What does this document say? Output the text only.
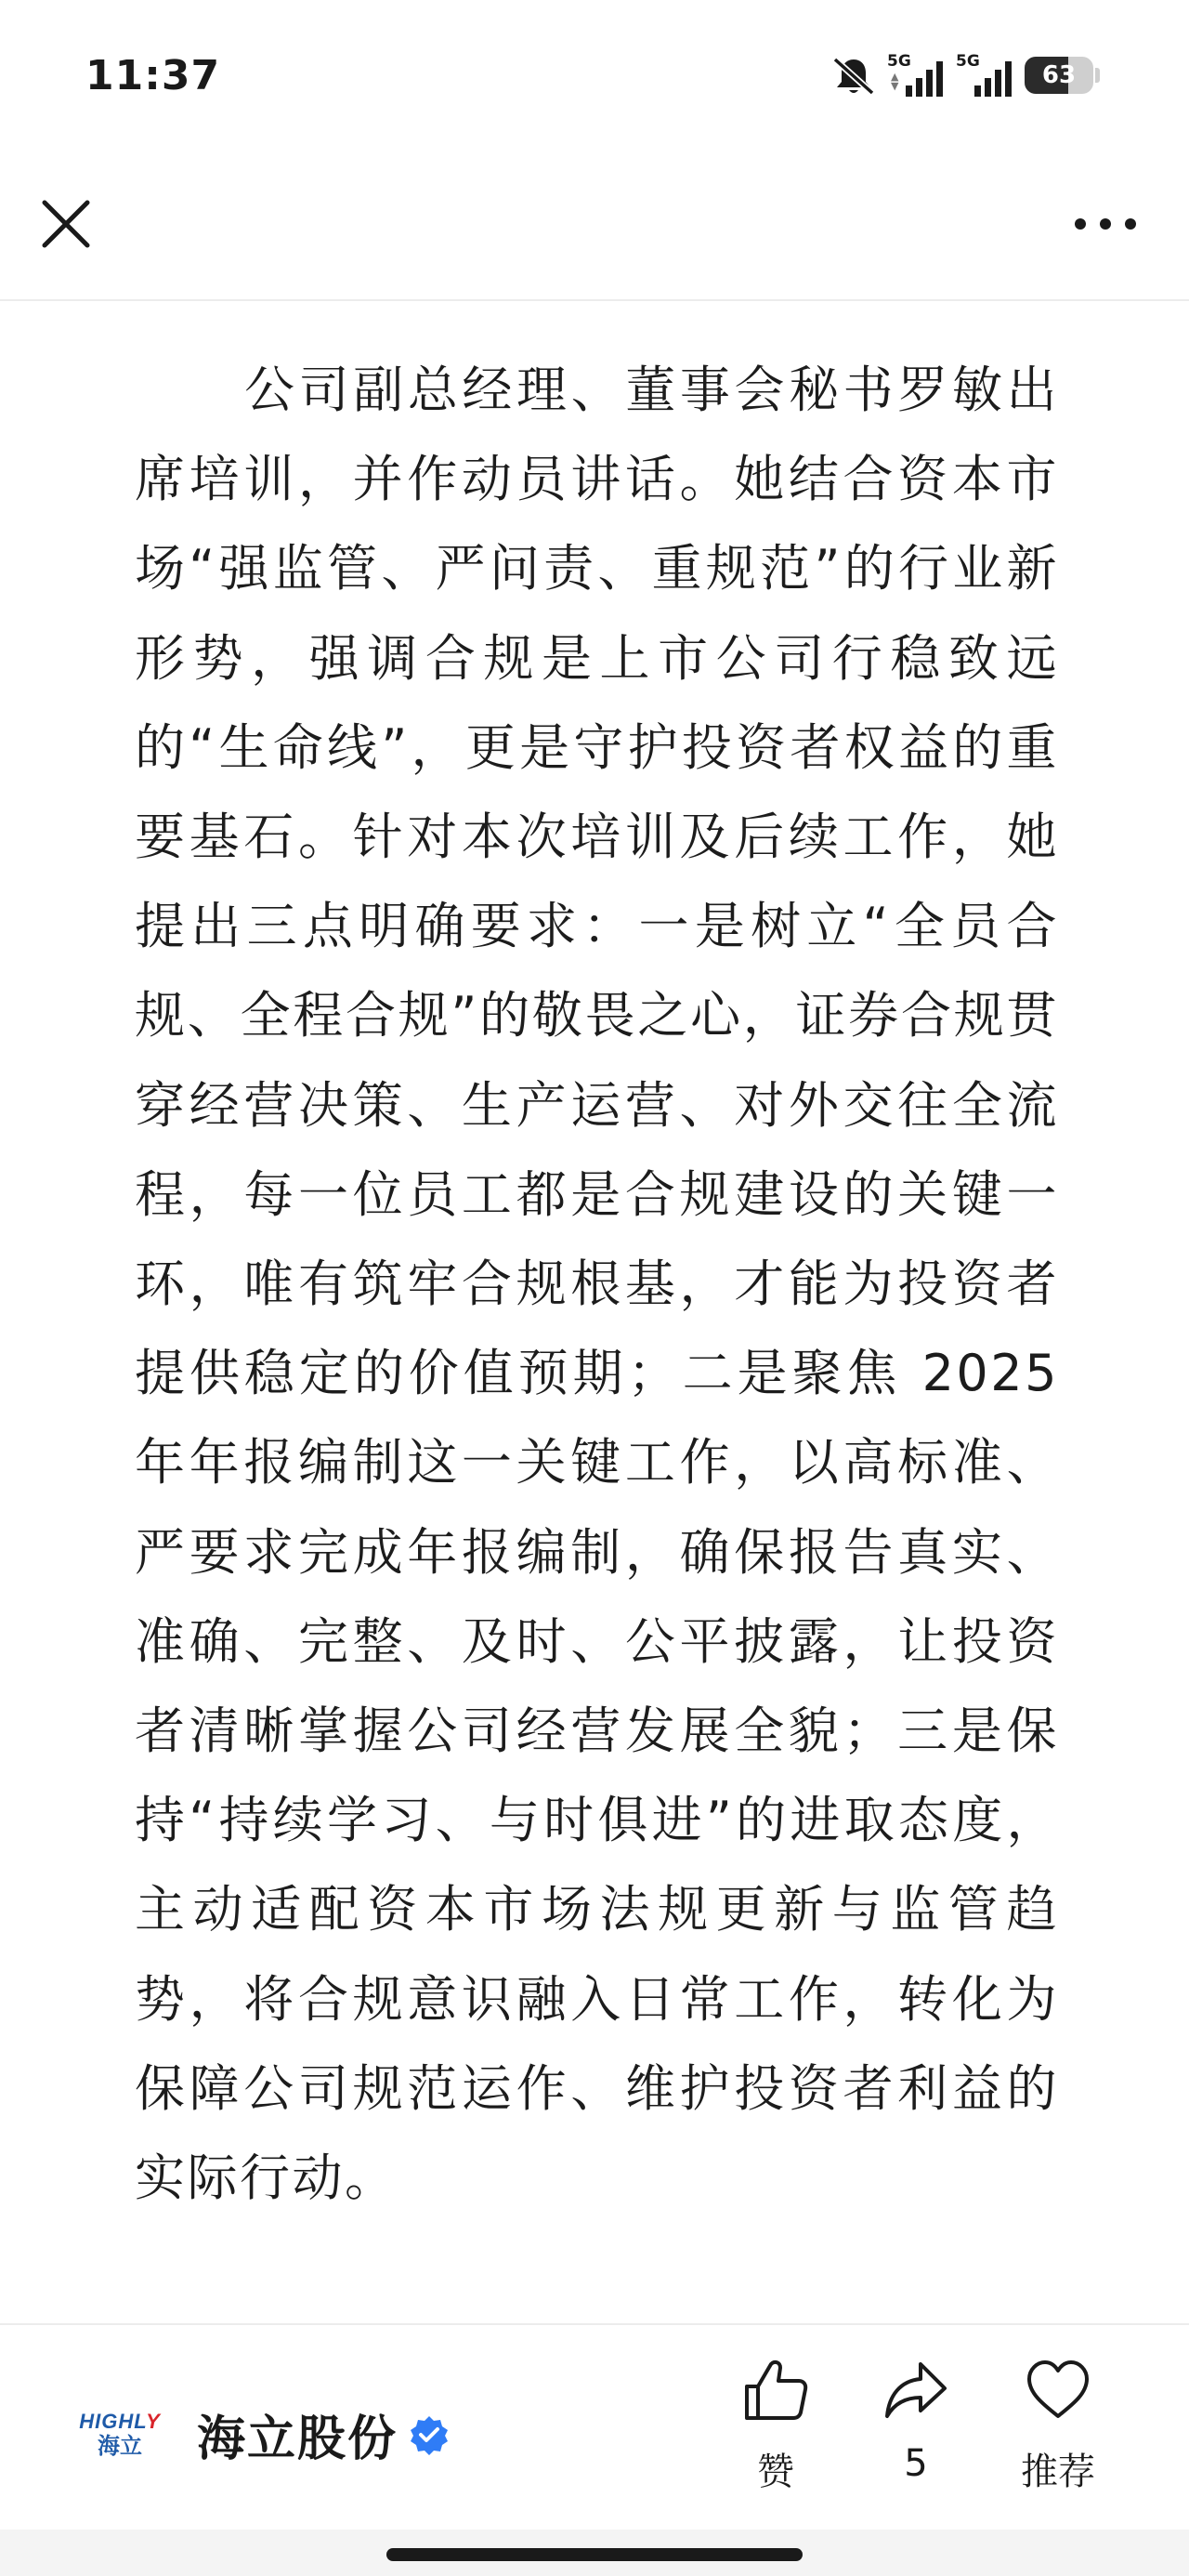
11:37	5G
▲
▼
5G	63

公司副总经理、董事会秘书罗敏出席培训，并作动员讲话。她结合资本市场“强监管、严问责、重规范”的行业新形势，强调合规是上市公司行稳致远的“生命线”，更是守护投资者权益的重要基石。针对本次培训及后续工作，她提出三点明确要求：一是树立“全员合规、全程合规”的敬畏之心，证券合规贯穿经营决策、生产运营、对外交往全流程，每一位员工都是合规建设的关键一环，唯有筑牢合规根基，才能为投资者提供稳定的价值预期；二是聚焦 2025 年年报编制这一关键工作，以高标准、严要求完成年报编制，确保报告真实、准确、完整、及时、公平披露，让投资者清晰掌握公司经营发展全貌；三是保持“持续学习、与时俱进”的进取态度，主动适配资本市场法规更新与监管趋势，将合规意识融入日常工作，转化为保障公司规范运作、维护投资者利益的实际行动。

HIGHLY
海立 海立股份
赞	5	推荐
